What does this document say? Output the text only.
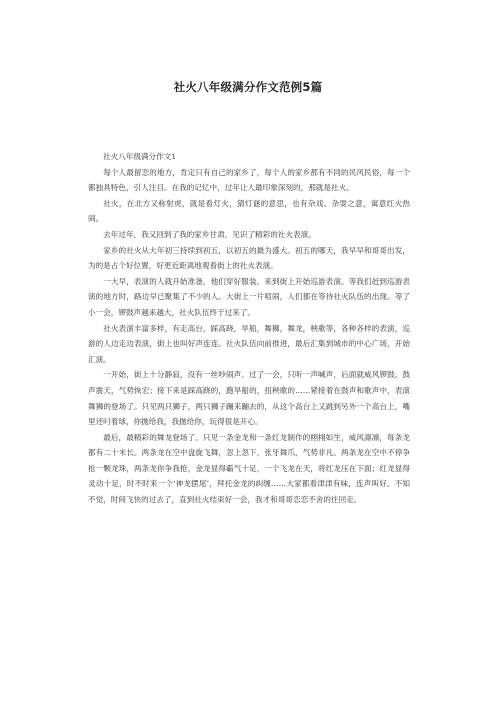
社火八年级满分作文范例5篇

社火八年级满分作文1

每个人最留恋的地方，肯定只有自己的家乡了，每个人的家乡都有不同的民风民俗，每一个都独具特色，引人注目。在我的记忆中，过年让人最印象深刻的，那就是社火。

社火，在北方又称射虎，就是看灯火，猜灯谜的意思，也有杂戏、杂耍之意，寓意红火热闹。

去年过年，我又回到了我的家乡甘肃，见识了精彩的社火表演。

家乡的社火从大年初三持续到初五，以初五的最为盛大。初五的哪天，我早早和哥哥出发，为的是占个好位置，好更近距离地观看街上的社火表演。

一大早，表演的人就开始准备，他们穿好服装，来到街上开始巡游表演。等我们赶到巡游表演的地方时，路边早已聚集了不少的人。大街上一片喧闹，人们都在等待社火队伍的出现。等了小一会，锣鼓声越来越大，社火队伍终于过来了。

社火表演丰富多样，有走高台，踩高跷，旱船，舞狮，舞龙，秧歌等，各种各样的表演，巡游的人边走边表演，街上也叫好声连连。社火队伍向前推进，最后汇集到城市的中心广场，开始汇演。

一开始，街上十分静寂，没有一丝吵闹声。过了一会，只听一声喊声，后面就威风锣鼓，鼓声震天，气势恢宏；接下来是踩高跷的，跑旱船的，扭秧歌的……紧接着在鼓声和歌声中，表演舞狮的登场了。只见两只狮子，两只狮子蹦来蹦去的，从这个高台上又跳到另外一个高台上，嘴里还叼着球，你抛给我，我抛给你，玩得很是开心。

最后，最精彩的舞龙登场了。只见一条金龙和一条红龙制作的栩栩如生，威风凛凛，每条龙都有二十米长。两条龙在空中盘旋飞舞，忽上忽下，张牙舞爪，气势非凡。两条龙在空中不停争抢一颗龙珠，两条龙你争我抢，金龙显得霸气十足，一个飞龙在天，将红龙压在下面；红龙显得灵动十足，时不时来一个‘神龙摆尾’，拜托金龙的纠缠……大家都看津津有味，连声叫好。不知不觉，时间飞快的过去了，直到社火结束好一会，我才和哥哥恋恋不舍的往回走。
